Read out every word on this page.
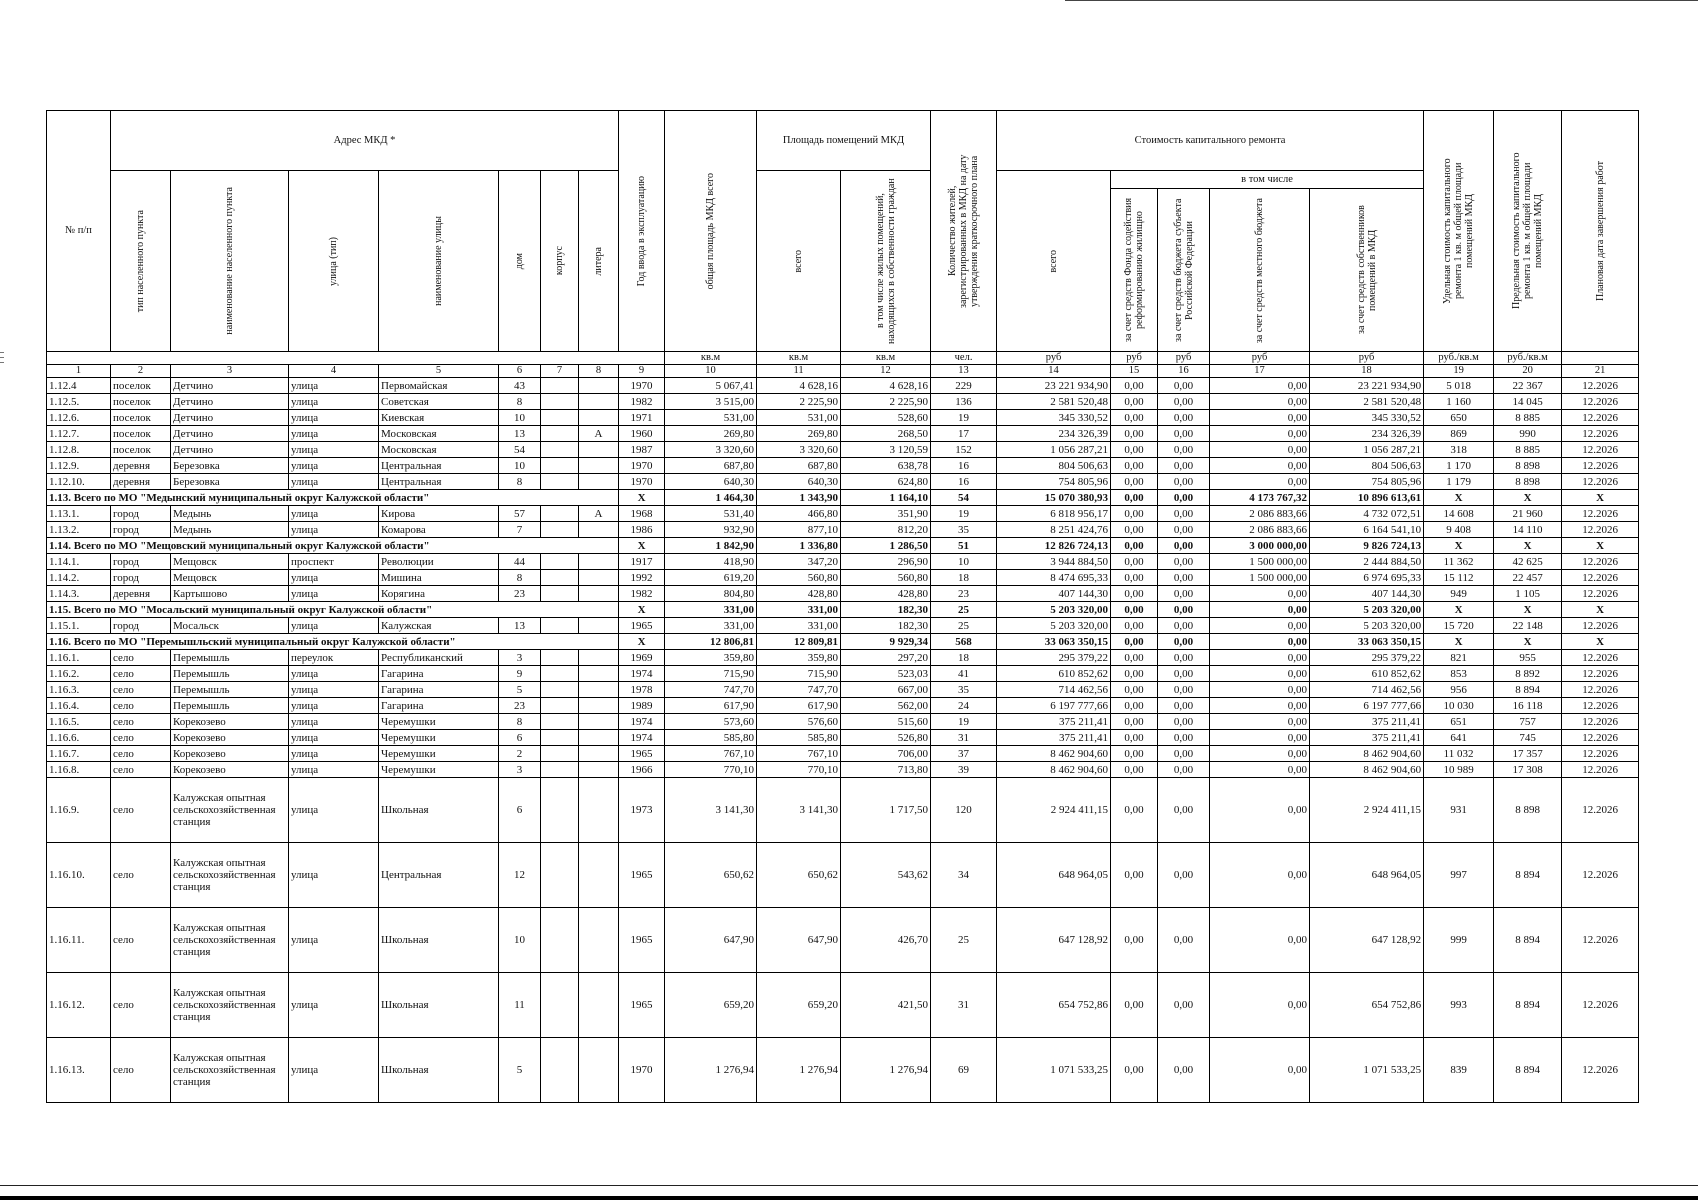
№ п/п	Адрес МКД *							Год ввода в эксплуатацию	общая площадь МКД всего	Площадь помещений МКД		Количество жителей, зарегистрированных в МКД на дату утверждения краткосрочного плана	Стоимость капитального ремонта					Удельная стоимость капитального ремонта 1 кв. м общей площади помещений МКД	Предельная стоимость капитального ремонта 1 кв. м общей площади помещений МКД	Плановая дата завершения работ

	тип населенного пункта	наименование населенного пункта	улица (тип)	наименование улицы	дом	корпус	литера			всего	в том числе жилых помещений, находящихся в собственности граждан		всего	в том числе						

														за счет средств Фонда содействия реформированию жилищно	за счет средств бюджета субъекта Российской Федерации	за счет средств местного бюджета	за счет средств собственников помещений в МКД			

									кв.м	кв.м	кв.м	чел.	руб	руб	руб	руб	руб	руб./кв.м	руб./кв.м	
1	2	3	4	5	6	7	8	9	10	11	12	13	14	15	16	17	18	19	20	21
1.12.4	поселок	Детчино	улица	Первомайская	43			1970	5 067,41	4 628,16	4 628,16	229	23 221 934,90	0,00	0,00	0,00	23 221 934,90	5 018	22 367	12.2026
1.12.5.	поселок	Детчино	улица	Советская	8			1982	3 515,00	2 225,90	2 225,90	136	2 581 520,48	0,00	0,00	0,00	2 581 520,48	1 160	14 045	12.2026
1.12.6.	поселок	Детчино	улица	Киевская	10			1971	531,00	531,00	528,60	19	345 330,52	0,00	0,00	0,00	345 330,52	650	8 885	12.2026
1.12.7.	поселок	Детчино	улица	Московская	13		А	1960	269,80	269,80	268,50	17	234 326,39	0,00	0,00	0,00	234 326,39	869	990	12.2026
1.12.8.	поселок	Детчино	улица	Московская	54			1987	3 320,60	3 320,60	3 120,59	152	1 056 287,21	0,00	0,00	0,00	1 056 287,21	318	8 885	12.2026
1.12.9.	деревня	Березовка	улица	Центральная	10			1970	687,80	687,80	638,78	16	804 506,63	0,00	0,00	0,00	804 506,63	1 170	8 898	12.2026
1.12.10.	деревня	Березовка	улица	Центральная	8			1970	640,30	640,30	624,80	16	754 805,96	0,00	0,00	0,00	754 805,96	1 179	8 898	12.2026
1.13. Всего по МО "Медынский муниципальный округ Калужской области"								Х	1 464,30	1 343,90	1 164,10	54	15 070 380,93	0,00	0,00	4 173 767,32	10 896 613,61	Х	Х	Х
1.13.1.	город	Медынь	улица	Кирова	57		А	1968	531,40	466,80	351,90	19	6 818 956,17	0,00	0,00	2 086 883,66	4 732 072,51	14 608	21 960	12.2026
1.13.2.	город	Медынь	улица	Комарова	7			1986	932,90	877,10	812,20	35	8 251 424,76	0,00	0,00	2 086 883,66	6 164 541,10	9 408	14 110	12.2026
1.14. Всего по МО "Мещовский муниципальный округ Калужской области"								Х	1 842,90	1 336,80	1 286,50	51	12 826 724,13	0,00	0,00	3 000 000,00	9 826 724,13	Х	Х	Х
1.14.1.	город	Мещовск	проспект	Революции	44			1917	418,90	347,20	296,90	10	3 944 884,50	0,00	0,00	1 500 000,00	2 444 884,50	11 362	42 625	12.2026
1.14.2.	город	Мещовск	улица	Мишина	8			1992	619,20	560,80	560,80	18	8 474 695,33	0,00	0,00	1 500 000,00	6 974 695,33	15 112	22 457	12.2026
1.14.3.	деревня	Картышово	улица	Корягина	23			1982	804,80	428,80	428,80	23	407 144,30	0,00	0,00	0,00	407 144,30	949	1 105	12.2026
1.15. Всего по МО "Мосальский муниципальный округ Калужской области"								Х	331,00	331,00	182,30	25	5 203 320,00	0,00	0,00	0,00	5 203 320,00	Х	Х	Х
1.15.1.	город	Мосальск	улица	Калужская	13			1965	331,00	331,00	182,30	25	5 203 320,00	0,00	0,00	0,00	5 203 320,00	15 720	22 148	12.2026
1.16. Всего по МО "Перемышльский муниципальный округ Калужской области"								Х	12 806,81	12 809,81	9 929,34	568	33 063 350,15	0,00	0,00	0,00	33 063 350,15	Х	Х	Х
1.16.1.	село	Перемышль	переулок	Республиканский	3			1969	359,80	359,80	297,20	18	295 379,22	0,00	0,00	0,00	295 379,22	821	955	12.2026
1.16.2.	село	Перемышль	улица	Гагарина	9			1974	715,90	715,90	523,03	41	610 852,62	0,00	0,00	0,00	610 852,62	853	8 892	12.2026
1.16.3.	село	Перемышль	улица	Гагарина	5			1978	747,70	747,70	667,00	35	714 462,56	0,00	0,00	0,00	714 462,56	956	8 894	12.2026
1.16.4.	село	Перемышль	улица	Гагарина	23			1989	617,90	617,90	562,00	24	6 197 777,66	0,00	0,00	0,00	6 197 777,66	10 030	16 118	12.2026
1.16.5.	село	Корекозево	улица	Черемушки	8			1974	573,60	576,60	515,60	19	375 211,41	0,00	0,00	0,00	375 211,41	651	757	12.2026
1.16.6.	село	Корекозево	улица	Черемушки	6			1974	585,80	585,80	526,80	31	375 211,41	0,00	0,00	0,00	375 211,41	641	745	12.2026
1.16.7.	село	Корекозево	улица	Черемушки	2			1965	767,10	767,10	706,00	37	8 462 904,60	0,00	0,00	0,00	8 462 904,60	11 032	17 357	12.2026
1.16.8.	село	Корекозево	улица	Черемушки	3			1966	770,10	770,10	713,80	39	8 462 904,60	0,00	0,00	0,00	8 462 904,60	10 989	17 308	12.2026
1.16.9.	село	Калужская опытная сельскохозяйственная станция	улица	Школьная	6			1973	3 141,30	3 141,30	1 717,50	120	2 924 411,15	0,00	0,00	0,00	2 924 411,15	931	8 898	12.2026
1.16.10.	село	Калужская опытная сельскохозяйственная станция	улица	Центральная	12			1965	650,62	650,62	543,62	34	648 964,05	0,00	0,00	0,00	648 964,05	997	8 894	12.2026
1.16.11.	село	Калужская опытная сельскохозяйственная станция	улица	Школьная	10			1965	647,90	647,90	426,70	25	647 128,92	0,00	0,00	0,00	647 128,92	999	8 894	12.2026
1.16.12.	село	Калужская опытная сельскохозяйственная станция	улица	Школьная	11			1965	659,20	659,20	421,50	31	654 752,86	0,00	0,00	0,00	654 752,86	993	8 894	12.2026
1.16.13.	село	Калужская опытная сельскохозяйственная станция	улица	Школьная	5			1970	1 276,94	1 276,94	1 276,94	69	1 071 533,25	0,00	0,00	0,00	1 071 533,25	839	8 894	12.2026
